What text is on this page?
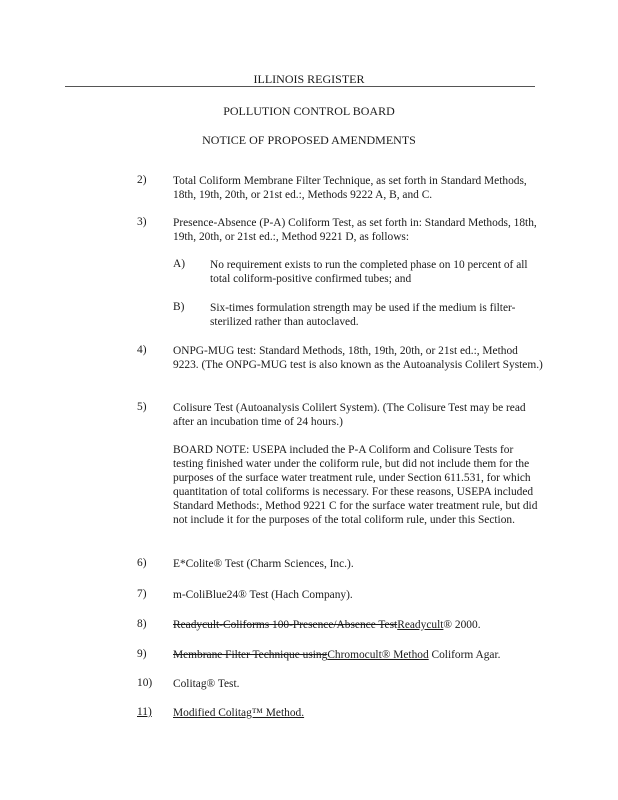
ILLINOIS REGISTER
POLLUTION CONTROL BOARD
NOTICE OF PROPOSED AMENDMENTS
2) Total Coliform Membrane Filter Technique, as set forth in Standard Methods, 18th, 19th, 20th, or 21st ed.:, Methods 9222 A, B, and C.
3) Presence-Absence (P-A) Coliform Test, as set forth in: Standard Methods, 18th, 19th, 20th, or 21st ed.:, Method 9221 D, as follows:
A) No requirement exists to run the completed phase on 10 percent of all total coliform-positive confirmed tubes; and
B) Six-times formulation strength may be used if the medium is filter-sterilized rather than autoclaved.
4) ONPG-MUG test: Standard Methods, 18th, 19th, 20th, or 21st ed.:, Method 9223. (The ONPG-MUG test is also known as the Autoanalysis Colilert System.)
5) Colisure Test (Autoanalysis Colilert System). (The Colisure Test may be read after an incubation time of 24 hours.)
BOARD NOTE: USEPA included the P-A Coliform and Colisure Tests for testing finished water under the coliform rule, but did not include them for the purposes of the surface water treatment rule, under Section 611.531, for which quantitation of total coliforms is necessary. For these reasons, USEPA included Standard Methods:, Method 9221 C for the surface water treatment rule, but did not include it for the purposes of the total coliform rule, under this Section.
6) E*Colite® Test (Charm Sciences, Inc.).
7) m-ColiBlue24® Test (Hach Company).
8) Readycult-Coliforms 100-Presence/Absence TestReadycult® 2000.
9) Membrane Filter Technique usingChromocult® Method Coliform Agar.
10) Colitag® Test.
11) Modified Colitag™ Method.
